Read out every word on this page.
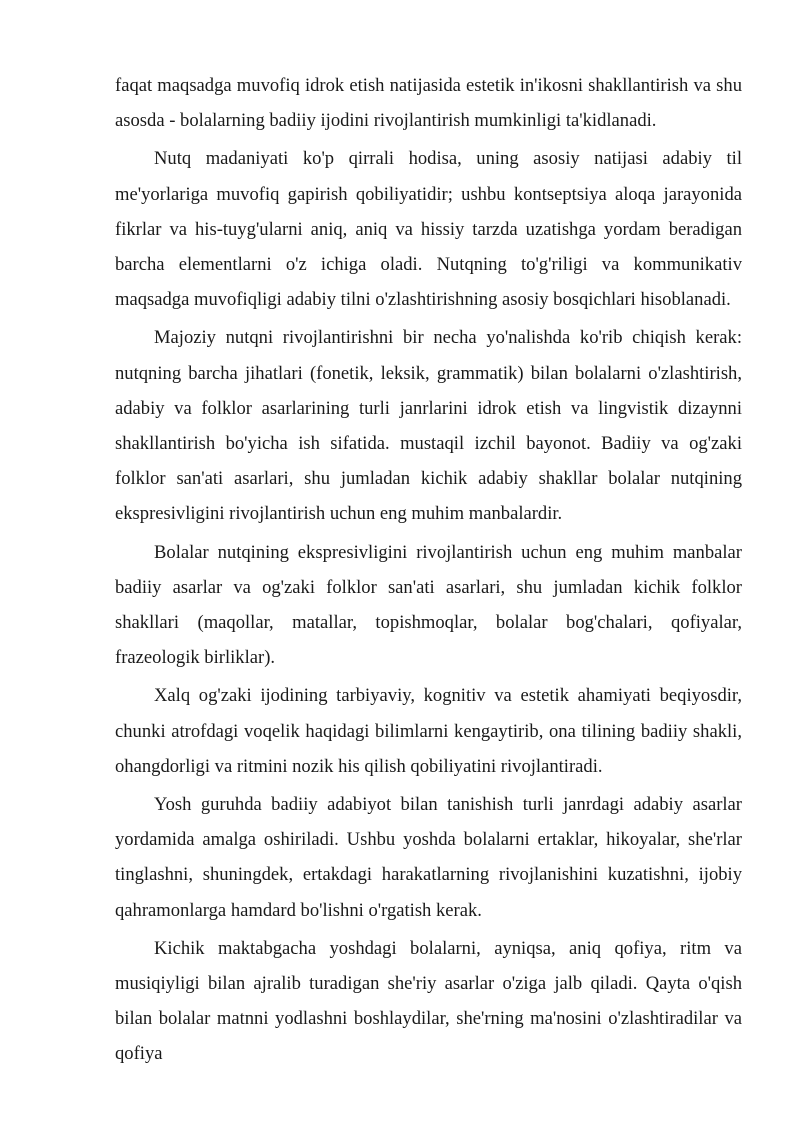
faqat maqsadga muvofiq idrok etish natijasida estetik in'ikosni shakllantirish va shu asosda - bolalarning badiiy ijodini rivojlantirish mumkinligi ta'kidlanadi.

Nutq madaniyati ko'p qirrali hodisa, uning asosiy natijasi adabiy til me'yorlariga muvofiq gapirish qobiliyatidir; ushbu kontseptsiya aloqa jarayonida fikrlar va his-tuyg'ularni aniq, aniq va hissiy tarzda uzatishga yordam beradigan barcha elementlarni o'z ichiga oladi. Nutqning to'g'riligi va kommunikativ maqsadga muvofiqligi adabiy tilni o'zlashtirishning asosiy bosqichlari hisoblanadi.

Majoziy nutqni rivojlantirishni bir necha yo'nalishda ko'rib chiqish kerak: nutqning barcha jihatlari (fonetik, leksik, grammatik) bilan bolalarni o'zlashtirish, adabiy va folklor asarlarining turli janrlarini idrok etish va lingvistik dizaynni shakllantirish bo'yicha ish sifatida. mustaqil izchil bayonot. Badiiy va og'zaki folklor san'ati asarlari, shu jumladan kichik adabiy shakllar bolalar nutqining ekspresivligini rivojlantirish uchun eng muhim manbalardir.

Bolalar nutqining ekspresivligini rivojlantirish uchun eng muhim manbalar badiiy asarlar va og'zaki folklor san'ati asarlari, shu jumladan kichik folklor shakllari (maqollar, matallar, topishmoqlar, bolalar bog'chalari, qofiyalar, frazeologik birliklar).

Xalq og'zaki ijodining tarbiyaviy, kognitiv va estetik ahamiyati beqiyosdir, chunki atrofdagi voqelik haqidagi bilimlarni kengaytirib, ona tilining badiiy shakli, ohangdorligi va ritmini nozik his qilish qobiliyatini rivojlantiradi.

Yosh guruhda badiiy adabiyot bilan tanishish turli janrdagi adabiy asarlar yordamida amalga oshiriladi. Ushbu yoshda bolalarni ertaklar, hikoyalar, she'rlar tinglashni, shuningdek, ertakdagi harakatlarning rivojlanishini kuzatishni, ijobiy qahramonlarga hamdard bo'lishni o'rgatish kerak.

Kichik maktabgacha yoshdagi bolalarni, ayniqsa, aniq qofiya, ritm va musiqiyligi bilan ajralib turadigan she'riy asarlar o'ziga jalb qiladi. Qayta o'qish bilan bolalar matnni yodlashni boshlaydilar, she'rning ma'nosini o'zlashtiradilar va qofiya
